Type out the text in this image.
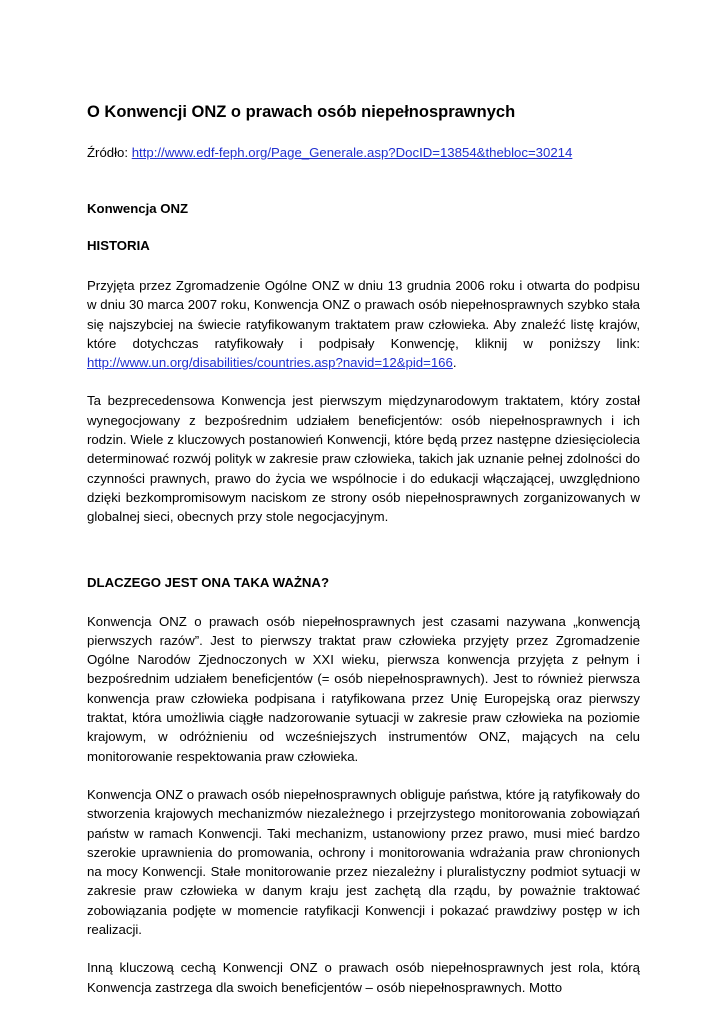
O Konwencji ONZ o prawach osób niepełnosprawnych
Źródło: http://www.edf-feph.org/Page_Generale.asp?DocID=13854&thebloc=30214
Konwencja ONZ
HISTORIA

Przyjęta przez Zgromadzenie Ogólne ONZ w dniu 13 grudnia 2006 roku i otwarta do podpisu w dniu 30 marca 2007 roku, Konwencja ONZ o prawach osób niepełnosprawnych szybko stała się najszybciej na świecie ratyfikowanym traktatem praw człowieka. Aby znaleźć listę krajów, które dotychczas ratyfikowały i podpisały Konwencję, kliknij w poniższy link: http://www.un.org/disabilities/countries.asp?navid=12&pid=166.

Ta bezprecedensowa Konwencja jest pierwszym międzynarodowym traktatem, który został wynegocjowany z bezpośrednim udziałem beneficjentów: osób niepełnosprawnych i ich rodzin. Wiele z kluczowych postanowień Konwencji, które będą przez następne dziesięciolecia determinować rozwój polityk w zakresie praw człowieka, takich jak uznanie pełnej zdolności do czynności prawnych, prawo do życia we wspólnocie i do edukacji włączającej, uwzględniono dzięki bezkompromisowym naciskom ze strony osób niepełnosprawnych zorganizowanych w globalnej sieci, obecnych przy stole negocjacyjnym.

DLACZEGO JEST ONA TAKA WAŻNA?

Konwencja ONZ o prawach osób niepełnosprawnych jest czasami nazywana „konwencją pierwszych razów”. Jest to pierwszy traktat praw człowieka przyjęty przez Zgromadzenie Ogólne Narodów Zjednoczonych w XXI wieku, pierwsza konwencja przyjęta z pełnym i bezpośrednim udziałem beneficjentów (= osób niepełnosprawnych). Jest to również pierwsza konwencja praw człowieka podpisana i ratyfikowana przez Unię Europejską oraz pierwszy traktat, która umożliwia ciągłe nadzorowanie sytuacji w zakresie praw człowieka na poziomie krajowym, w odróżnieniu od wcześniejszych instrumentów ONZ, mających na celu monitorowanie respektowania praw człowieka.

Konwencja ONZ o prawach osób niepełnosprawnych obliguje państwa, które ją ratyfikowały do stworzenia krajowych mechanizmów niezależnego i przejrzystego monitorowania zobowiązań państw w ramach Konwencji. Taki mechanizm, ustanowiony przez prawo, musi mieć bardzo szerokie uprawnienia do promowania, ochrony i monitorowania wdrażania praw chronionych na mocy Konwencji. Stałe monitorowanie przez niezależny i pluralistyczny podmiot sytuacji w zakresie praw człowieka w danym kraju jest zachętą dla rządu, by poważnie traktować zobowiązania podjęte w momencie ratyfikacji Konwencji i pokazać prawdziwy postęp w ich realizacji.

Inną kluczową cechą Konwencji ONZ o prawach osób niepełnosprawnych jest rola, którą Konwencja zastrzega dla swoich beneficjentów – osób niepełnosprawnych. Motto
